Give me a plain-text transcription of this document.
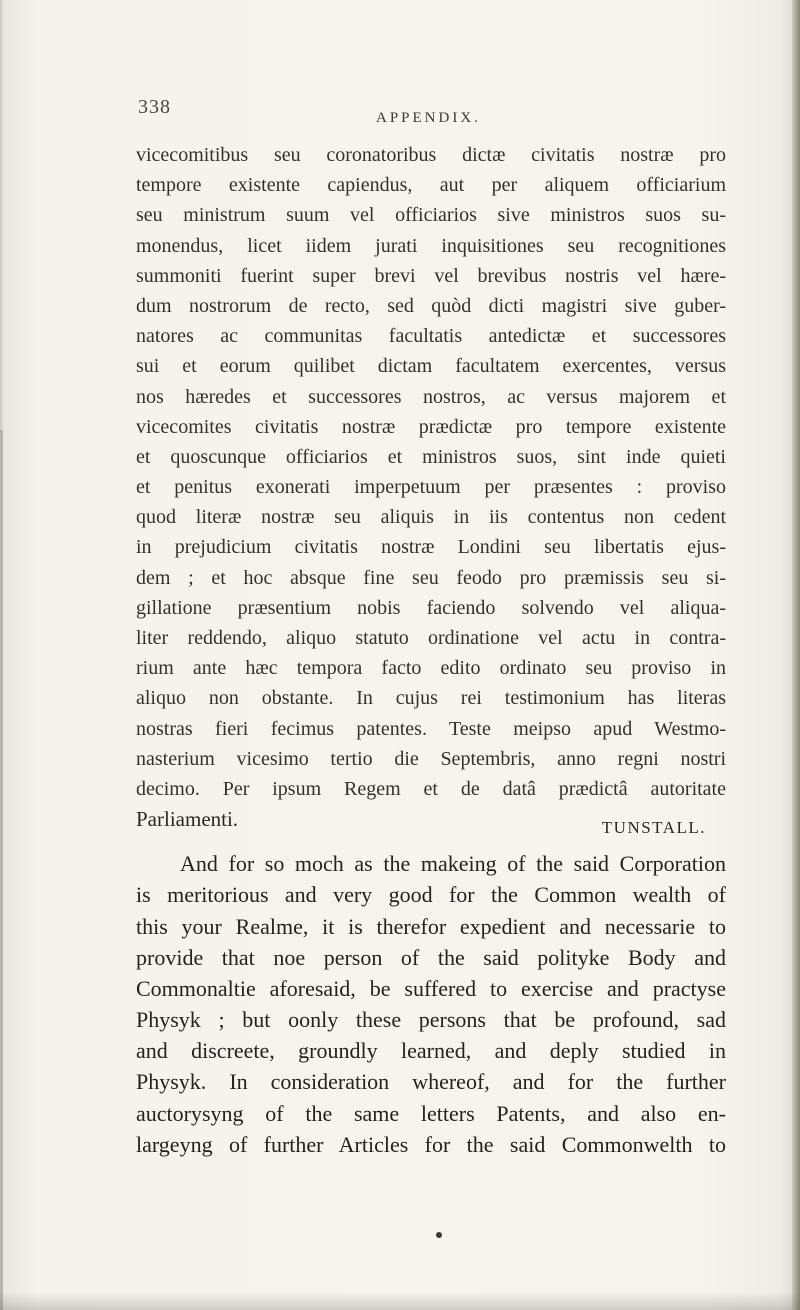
338	APPENDIX.
vicecomitibus seu coronatoribus dictæ civitatis nostræ pro
tempore existente capiendus, aut per aliquem officiarium
seu ministrum suum vel officiarios sive ministros suos su-
monendus, licet iidem jurati inquisitiones seu recognitiones
summoniti fuerint super brevi vel brevibus nostris vel hære-
dum nostrorum de recto, sed quòd dicti magistri sive guber-
natores ac communitas facultatis antedictæ et successores
sui et eorum quilibet dictam facultatem exercentes, versus
nos hæredes et successores nostros, ac versus majorem et
vicecomites civitatis nostræ prædictæ pro tempore existente
et quoscunque officiarios et ministros suos, sint inde quieti
et penitus exonerati imperpetuum per præsentes : proviso
quod literæ nostræ seu aliquis in iis contentus non cedent
in prejudicium civitatis nostræ Londini seu libertatis ejus-
dem ; et hoc absque fine seu feodo pro præmissis seu si-
gillatione præsentium nobis faciendo solvendo vel aliqua-
liter reddendo, aliquo statuto ordinatione vel actu in contra-
rium ante hæc tempora facto edito ordinato seu proviso in
aliquo non obstante. In cujus rei testimonium has literas
nostras fieri fecimus patentes. Teste meipso apud Westmo-
nasterium vicesimo tertio die Septembris, anno regni nostri
decimo. Per ipsum Regem et de datâ prædictâ autoritate
Parliamenti.	TUNSTALL.
And for so moch as the makeing of the said Corporation
is meritorious and very good for the Common wealth of
this your Realme, it is therefor expedient and necessarie to
provide that noe person of the said polityke Body and
Commonaltie aforesaid, be suffered to exercise and practyse
Physyk ; but oonly these persons that be profound, sad
and discreete, groundly learned, and deply studied in
Physyk. In consideration whereof, and for the further
auctorysyng of the same letters Patents, and also en-
largeyng of further Articles for the said Commonwelth to
